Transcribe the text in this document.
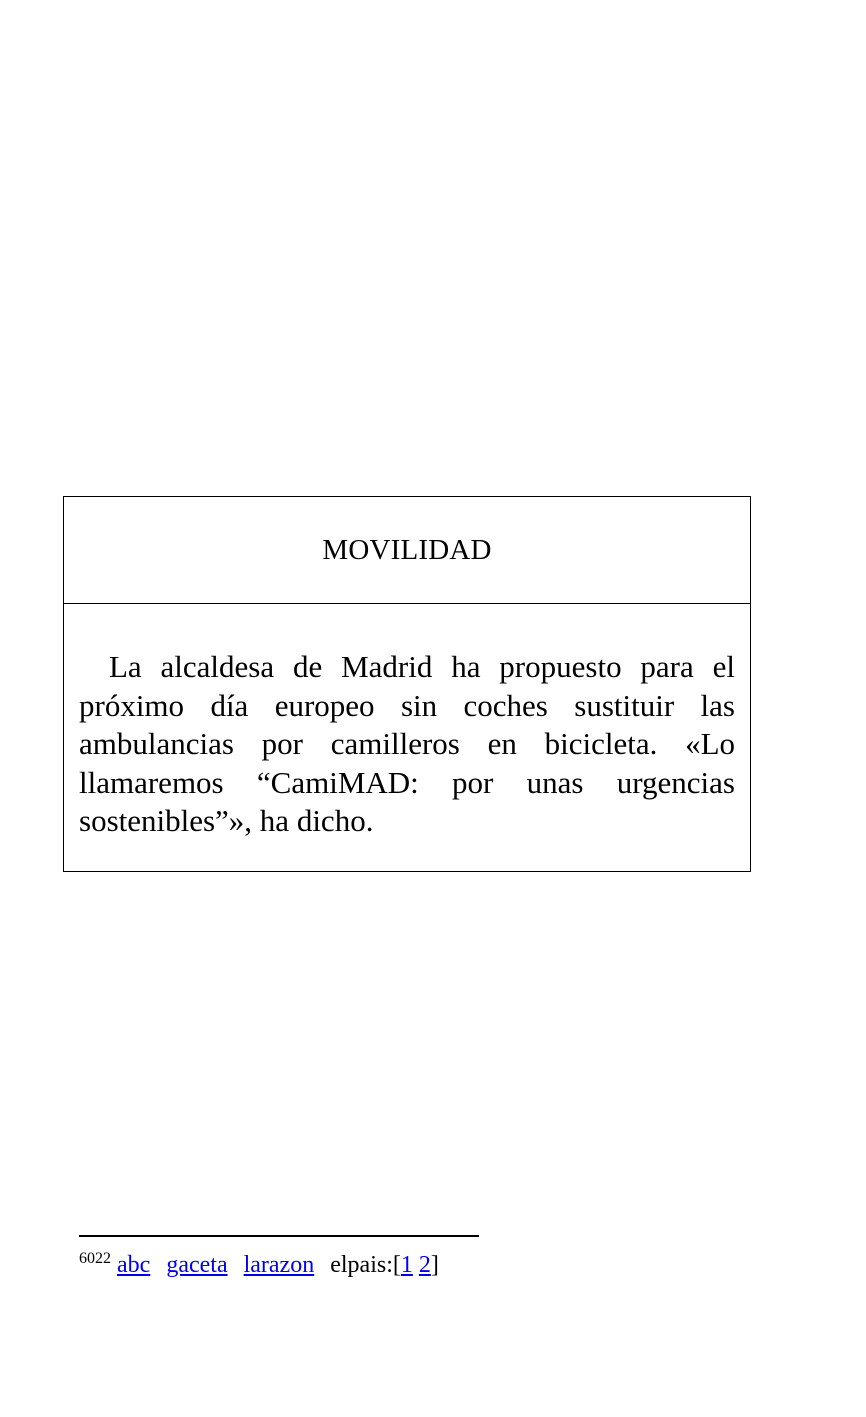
MOVILIDAD

La alcaldesa de Madrid ha propuesto para el próximo día europeo sin coches sustituir las ambulancias por camilleros en bicicleta. «Lo llamaremos “CamiMAD: por unas urgencias sostenibles”», ha dicho.

$^{6022}$ abc gaceta larazon elpais:[1 2]
